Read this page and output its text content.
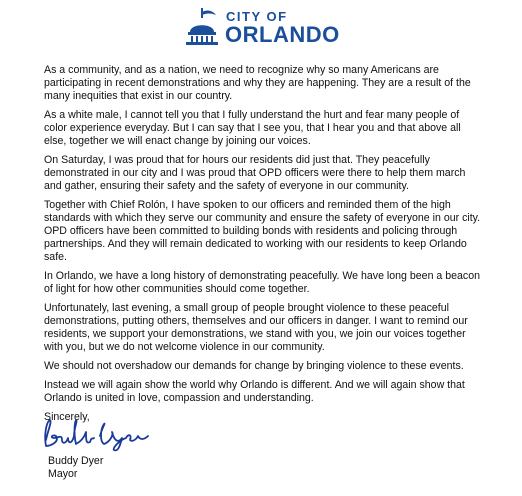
CITY OF
ORLANDO

As a community, and as a nation, we need to recognize why so many Americans are participating in recent demonstrations and why they are happening. They are a result of the many inequities that exist in our country.

As a white male, I cannot tell you that I fully understand the hurt and fear many people of color experience everyday. But I can say that I see you, that I hear you and that above all else, together we will enact change by joining our voices.

On Saturday, I was proud that for hours our residents did just that. They peacefully demonstrated in our city and I was proud that OPD officers were there to help them march and gather, ensuring their safety and the safety of everyone in our community.

Together with Chief Rolón, I have spoken to our officers and reminded them of the high standards with which they serve our community and ensure the safety of everyone in our city. OPD officers have been committed to building bonds with residents and policing through partnerships. And they will remain dedicated to working with our residents to keep Orlando safe.

In Orlando, we have a long history of demonstrating peacefully. We have long been a beacon of light for how other communities should come together.

Unfortunately, last evening, a small group of people brought violence to these peaceful demonstrations, putting others, themselves and our officers in danger. I want to remind our residents, we support your demonstrations, we stand with you, we join our voices together with you, but we do not welcome violence in our community.

We should not overshadow our demands for change by bringing violence to these events.

Instead we will again show the world why Orlando is different. And we will again show that Orlando is united in love, compassion and understanding.

Sincerely,

Buddy Dyer
Mayor
